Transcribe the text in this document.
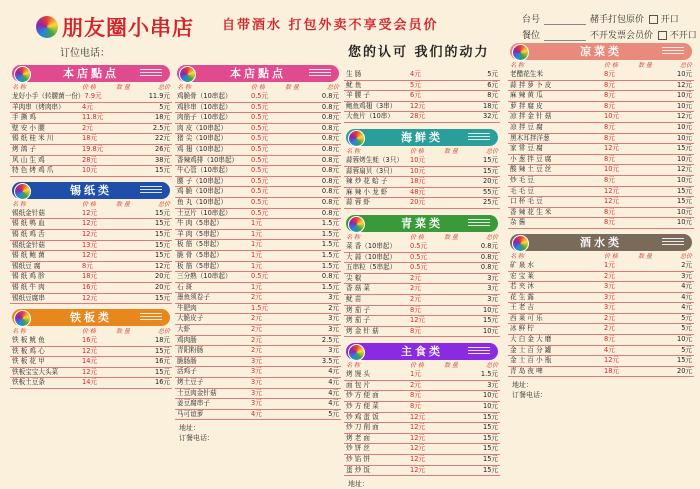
朋友圈小串店
订位电话：
自带酒水 打包外卖不享受会员价
您的认可 我们的动力
台号	赭手打包原价 开口
餐位	不开发票会员价 不开口
本店點点
名 称	价 格	数 量	总价
龙好小手（转腰菌一份） 7.9元	11.9元
羊肉串（烤肉串）	4元	5元
手 撕 鸡	11.8元	18元
壁 安 小 腰	2元	2.5元
锡 纸 桂 米 川	18元	22元
烤 鸽 子	19.8元	26元
风 山 生 鸡	28元	38元
特 色 烤 鸡 爪	10元	15元
锡纸类
名 称	价 格	数 量	总价
锡纸金针菇	12元	15元
锡 纸 鸭 血	12元	15元
锡 纸 鸡 舌	12元	15元
锡纸金针菇	13元	15元
锡 纸 鲍 菌	12元	15元
锡纸豆 腐	8元	12元
锡 纸 鸡 胗	18元	20元
锡 纸 牛 肉	16元	20元
锡纸豆腐串	12元	15元
铁板类
名 称	价 格	数 量	总价
铁 板 鱿 鱼	16元	18元
铁 板 鸡 心	12元	15元
铁 板 花 甲	14元	16元
铁板宝宝大头菜	12元	15元
铁板土豆条	14元	16元
本店點点
名 称	价 格	数 量	总价
鸡脆骨（10串起）	0.5元	0.8元
鸡胗串（10串起）	0.5元	0.8元
肉筋子（10串起）	0.5元	0.8元
肉 皮（10串起）	0.5元	0.8元
猪 尖（10串起）	0.5元	0.8元
鸡 翅（10串起）	0.5元	0.8元
香辣鸡排（10串起）	0.5元	0.8元
牛心管（10串起）	0.5元	0.8元
腰 子（10串起）	0.5元	0.8元
鸡 脆（10串起）	0.5元	0.8元
鱼 丸（10串起）	0.5元	0.8元
土豆片（10串起）	0.5元	0.8元
牛 肉（5串起）	1元	1.5元
羊 肉（5串起）	1元	1.5元
板 筋（5串起）	1元	1.5元
脆 骨（5串起）	1元	1.5元
板 筋（5串起）	1元	1.5元
三分熟（10串起）	0.5元	0.8元
石 斑	1元	1.5元
墨鱼须卷子	2元	3元
牛肥肉	1.5元	2元
大脆皮子	2元	3元
大虾	2元	3元
鸡肉肠	2元	2.5元
青阳粉肠	2元	3元
脆肠肠	3元	3.5元
活鸡子	3元	4元
烤土豆子	3元	4元
土豆肉金针菇	3元	4元
姜豆腐串子	3元	4元
马可谊萝	4元	5元
地址：
订餐电话：
生 肠	4元	5元
鱿 鱼	5元	6元
羊 腰 子	6元	8元
鲍鱼鸡翅（3串）	12元	18元
大鱼片（10串）	28元	32元
海鲜类
名 称	价 格	数 量	总价
蒜蓉烤生蚝（3只）	10元	15元
蒜蓉扇贝（3只）	10元	15元
辣 炒 花 蛤 子	18元	20元
麻 辣 小 龙 虾	48元	55元
蒜 蓉 虾	20元	25元
青菜类
名 称	价 格	数 量	总价
菜 香（10串起）	0.5元	0.8元
大 蒜（10串起）	0.5元	0.8元
五串粒（5串起）	0.5元	0.8元
尖 椒	2元	3元
香 菇 菜	2元	3元
鱿 苗	2元	3元
烤 茄 子	8元	10元
烤 茄 子	12元	15元
烤 金 针 菇	8元	10元
主食类
名 称	价 格	数 量	总价
烤 馒 头	1元	1.5元
面 包 片	2元	3元
炒 方 便 面	8元	10元
炒 方 便 菜	8元	10元
炒 鸡 蛋 饭	12元	15元
炒 刀 削 面	12元	15元
烤 老 面	12元	15元
炒 饼 丝	12元	15元
炒 馅 饼	12元	15元
蛋 炒 饭	12元	15元
地址：
凉菜类
名 称	价 格	数 量	总价
老醋花生米	8元	10元
蒜 拌 萝 卜 皮	8元	12元
麻 辣 黄 瓜	8元	10元
萝 拌 腐 皮	8元	10元
凉 拌 金 针 菇	10元	12元
凉 拌 豆 腐	8元	10元
黑木耳拌洋葱	8元	10元
家 常 豆 腐	12元	15元
小 葱 拌 豆 腐	8元	10元
酸 辣 土 豆 丝	10元	12元
炒 毛 豆	8元	10元
毛 毛 豆	12元	15元
口 杯 毛 豆	12元	15元
香 辣 花 生 米	8元	10元
杂 酱	8元	10元
酒水类
名 称	价 格	数 量	总价
矿 泉 水	1元	2元
宏 宝 莱	2元	3元
若 夹 沐	3元	4元
花 生 露	3元	4元
王 老 吉	3元	4元
西 莱 可 乐	2元	5元
冰 鲜 柠	2元	5元
大 白 金 大 磨	8元	10元
金 士 百 分 罐	4元	5元
金 士 百 小 瓶	12元	15元
青 岛 夜 啤	18元	20元
地址：
订餐电话：
